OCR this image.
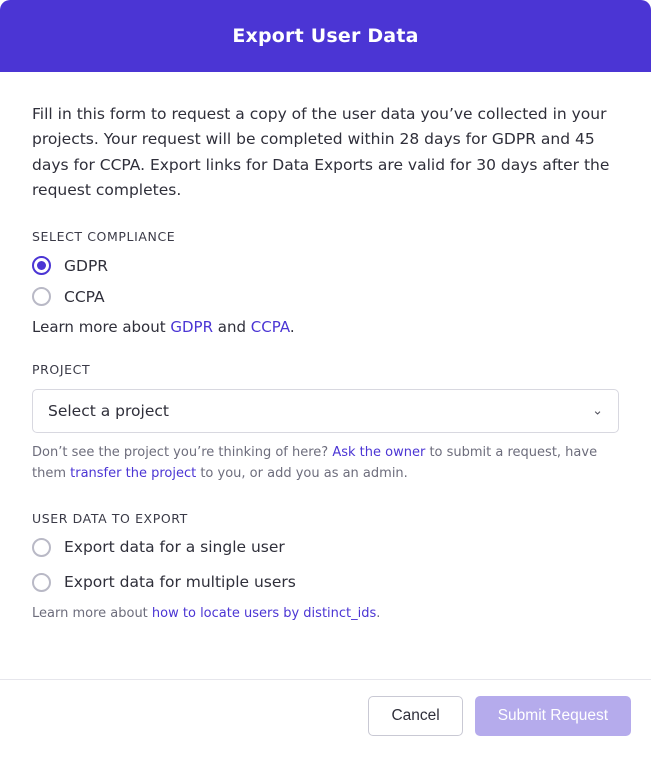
Export User Data

Fill in this form to request a copy of the user data you’ve collected in your projects. Your request will be completed within 28 days for GDPR and 45 days for CCPA. Export links for Data Exports are valid for 30 days after the request completes.

SELECT COMPLIANCE
GDPR
CCPA

Learn more about GDPR and CCPA.

PROJECT
Select a project	⌄

Don’t see the project you’re thinking of here? Ask the owner to submit a request, have them transfer the project to you, or add you as an admin.

USER DATA TO EXPORT
Export data for a single user
Export data for multiple users

Learn more about how to locate users by distinct_ids.

Cancel	Submit Request
